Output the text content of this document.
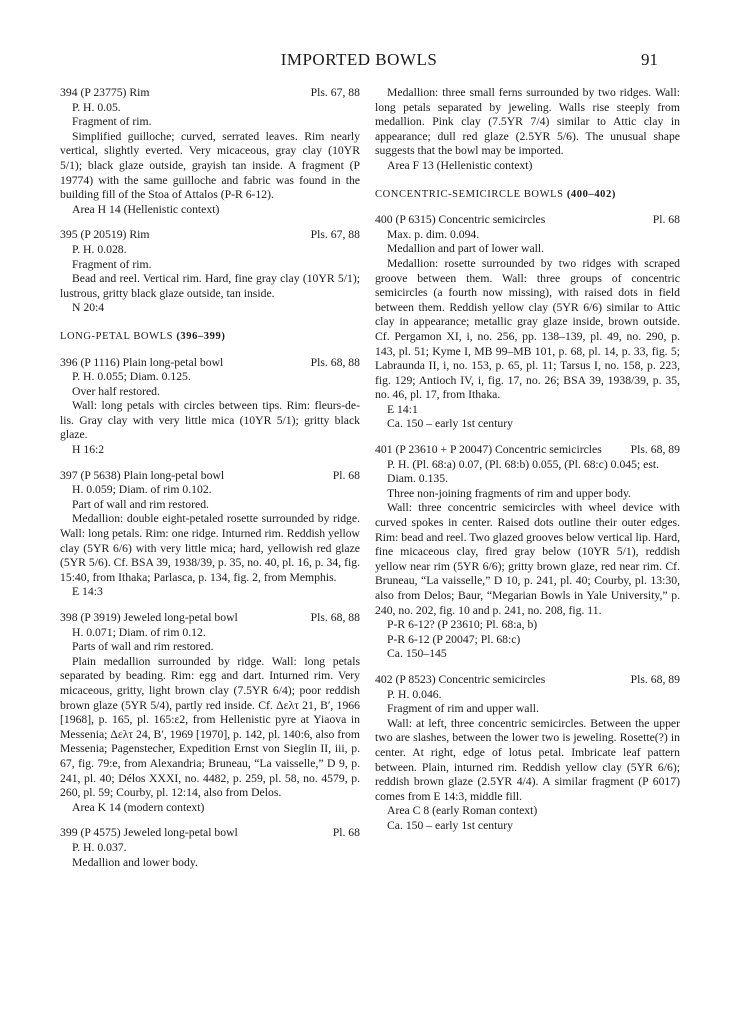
IMPORTED BOWLS	91
394 (P 23775) Rim	Pls. 67, 88
P. H. 0.05.
Fragment of rim.
Simplified guilloche; curved, serrated leaves. Rim nearly vertical, slightly everted. Very micaceous, gray clay (10YR 5/1); black glaze outside, grayish tan inside. A fragment (P 19774) with the same guilloche and fabric was found in the building fill of the Stoa of Attalos (P-R 6-12).
Area H 14 (Hellenistic context)
395 (P 20519) Rim	Pls. 67, 88
P. H. 0.028.
Fragment of rim.
Bead and reel. Vertical rim. Hard, fine gray clay (10YR 5/1); lustrous, gritty black glaze outside, tan inside.
N 20:4
LONG-PETAL BOWLS (396–399)
396 (P 1116) Plain long-petal bowl	Pls. 68, 88
P. H. 0.055; Diam. 0.125.
Over half restored.
Wall: long petals with circles between tips. Rim: fleurs-de-lis. Gray clay with very little mica (10YR 5/1); gritty black glaze.
H 16:2
397 (P 5638) Plain long-petal bowl	Pl. 68
H. 0.059; Diam. of rim 0.102.
Part of wall and rim restored.
Medallion: double eight-petaled rosette surrounded by ridge. Wall: long petals. Rim: one ridge. Inturned rim. Reddish yellow clay (5YR 6/6) with very little mica; hard, yellowish red glaze (5YR 5/6). Cf. BSA 39, 1938/39, p. 35, no. 40, pl. 16, p. 34, fig. 15:40, from Ithaka; Parlasca, p. 134, fig. 2, from Memphis.
E 14:3
398 (P 3919) Jeweled long-petal bowl	Pls. 68, 88
H. 0.071; Diam. of rim 0.12.
Parts of wall and rim restored.
Plain medallion surrounded by ridge. Wall: long petals separated by beading. Rim: egg and dart. Inturned rim. Very micaceous, gritty, light brown clay (7.5YR 6/4); poor reddish brown glaze (5YR 5/4), partly red inside. Cf. Δελτ 21, Β′, 1966 [1968], p. 165, pl. 165:ε2, from Hellenistic pyre at Yiaova in Messenia; Δελτ 24, Β′, 1969 [1970], p. 142, pl. 140:6, also from Messenia; Pagenstecher, Expedition Ernst von Sieglin II, iii, p. 67, fig. 79:e, from Alexandria; Bruneau, “La vaisselle,” D 9, p. 241, pl. 40; Délos XXXI, no. 4482, p. 259, pl. 58, no. 4579, p. 260, pl. 59; Courby, pl. 12:14, also from Delos.
Area K 14 (modern context)
399 (P 4575) Jeweled long-petal bowl	Pl. 68
P. H. 0.037.
Medallion and lower body.
Medallion: three small ferns surrounded by two ridges. Wall: long petals separated by jeweling. Walls rise steeply from medallion. Pink clay (7.5YR 7/4) similar to Attic clay in appearance; dull red glaze (2.5YR 5/6). The unusual shape suggests that the bowl may be imported.
Area F 13 (Hellenistic context)
CONCENTRIC-SEMICIRCLE BOWLS (400–402)
400 (P 6315) Concentric semicircles	Pl. 68
Max. p. dim. 0.094.
Medallion and part of lower wall.
Medallion: rosette surrounded by two ridges with scraped groove between them. Wall: three groups of concentric semicircles (a fourth now missing), with raised dots in field between them. Reddish yellow clay (5YR 6/6) similar to Attic clay in appearance; metallic gray glaze inside, brown outside. Cf. Pergamon XI, i, no. 256, pp. 138–139, pl. 49, no. 290, p. 143, pl. 51; Kyme I, MB 99–MB 101, p. 68, pl. 14, p. 33, fig. 5; Labraunda II, i, no. 153, p. 65, pl. 11; Tarsus I, no. 158, p. 223, fig. 129; Antioch IV, i, fig. 17, no. 26; BSA 39, 1938/39, p. 35, no. 46, pl. 17, from Ithaka.
E 14:1
Ca. 150 – early 1st century
401 (P 23610 + P 20047) Concentric semicircles Pls. 68, 89
P. H. (Pl. 68:a) 0.07, (Pl. 68:b) 0.055, (Pl. 68:c) 0.045; est. Diam. 0.135.
Three non-joining fragments of rim and upper body.
Wall: three concentric semicircles with wheel device with curved spokes in center. Raised dots outline their outer edges. Rim: bead and reel. Two glazed grooves below vertical lip. Hard, fine micaceous clay, fired gray below (10YR 5/1), reddish yellow near rim (5YR 6/6); gritty brown glaze, red near rim. Cf. Bruneau, “La vaisselle,” D 10, p. 241, pl. 40; Courby, pl. 13:30, also from Delos; Baur, “Megarian Bowls in Yale University,” p. 240, no. 202, fig. 10 and p. 241, no. 208, fig. 11.
P-R 6-12? (P 23610; Pl. 68:a, b)
P-R 6-12 (P 20047; Pl. 68:c)
Ca. 150–145
402 (P 8523) Concentric semicircles	Pls. 68, 89
P. H. 0.046.
Fragment of rim and upper wall.
Wall: at left, three concentric semicircles. Between the upper two are slashes, between the lower two is jeweling. Rosette(?) in center. At right, edge of lotus petal. Imbricate leaf pattern between. Plain, inturned rim. Reddish yellow clay (5YR 6/6); reddish brown glaze (2.5YR 4/4). A similar fragment (P 6017) comes from E 14:3, middle fill.
Area C 8 (early Roman context)
Ca. 150 – early 1st century
